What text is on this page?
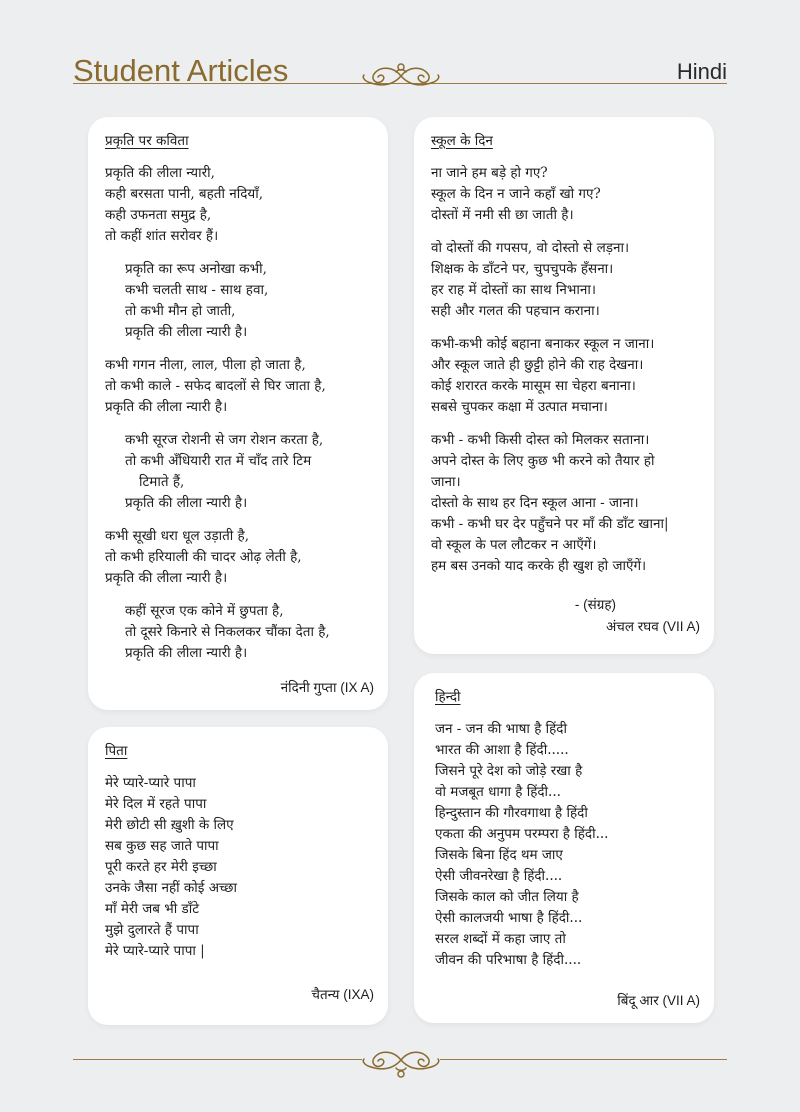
Student Articles	Hindi
प्रकृति पर कविता
प्रकृति की लीला न्यारी,
कही बरसता पानी, बहती नदियाँ,
कही उफनता समुद्र है,
तो कहीं शांत सरोवर हैं।
प्रकृति का रूप अनोखा कभी,
कभी चलती साथ - साथ हवा,
तो कभी मौन हो जाती,
प्रकृति की लीला न्यारी है।
कभी गगन नीला, लाल, पीला हो जाता है,
तो कभी काले - सफेद बादलों से घिर जाता है,
प्रकृति की लीला न्यारी है।
कभी सूरज रोशनी से जग रोशन करता है,
तो कभी अँधियारी रात में चाँद तारे टिम
टिमाते हैं,
प्रकृति की लीला न्यारी है।
कभी सूखी धरा धूल उड़ाती है,
तो कभी हरियाली की चादर ओढ़ लेती है,
प्रकृति की लीला न्यारी है।
कहीं सूरज एक कोने में छुपता है,
तो दूसरे किनारे से निकलकर चौंका देता है,
प्रकृति की लीला न्यारी है।
नंदिनी गुप्ता (IX A)
पिता
मेरे प्यारे-प्यारे पापा
मेरे दिल में रहते पापा
मेरी छोटी सी ख़ुशी के लिए
सब कुछ सह जाते पापा
पूरी करते हर मेरी इच्छा
उनके जैसा नहीं कोई अच्छा
माँ मेरी जब भी डाँटे
मुझे दुलारते हैं पापा
मेरे प्यारे-प्यारे पापा |
चैतन्य (IXA)
स्कूल के दिन
ना जाने हम बड़े हो गए?
स्कूल के दिन न जाने कहाँ खो गए?
दोस्तों में नमी सी छा जाती है।
वो दोस्तों की गपसप, वो दोस्तो से लड़ना।
शिक्षक के डाँटने पर, चुपचुपके हँसना।
हर राह में दोस्तों का साथ निभाना।
सही और गलत की पहचान कराना।
कभी-कभी कोई बहाना बनाकर स्कूल न जाना।
और स्कूल जाते ही छुट्टी होने की राह देखना।
कोई शरारत करके मासूम सा चेहरा बनाना।
सबसे चुपकर कक्षा में उत्पात मचाना।
कभी - कभी किसी दोस्त को मिलकर सताना।
अपने दोस्त के लिए कुछ भी करने को तैयार हो
जाना।
दोस्तो के साथ हर दिन स्कूल आना - जाना।
कभी - कभी घर देर पहुँचने पर माँ की डाँट खाना|
वो स्कूल के पल लौटकर न आएँगें।
हम बस उनको याद करके ही खुश हो जाएँगें।
- (संग्रह)
अंचल रघव (VII A)
हिन्दी
जन - जन की भाषा है हिंदी
भारत की आशा है हिंदी.....
जिसने पूरे देश को जोड़े रखा है
वो मजबूत धागा है हिंदी...
हिन्दुस्तान की गौरवगाथा है हिंदी
एकता की अनुपम परम्परा है हिंदी...
जिसके बिना हिंद थम जाए
ऐसी जीवनरेखा है हिंदी....
जिसके काल को जीत लिया है
ऐसी कालजयी भाषा है हिंदी...
सरल शब्दों में कहा जाए तो
जीवन की परिभाषा है हिंदी....
बिंदू आर (VII A)
